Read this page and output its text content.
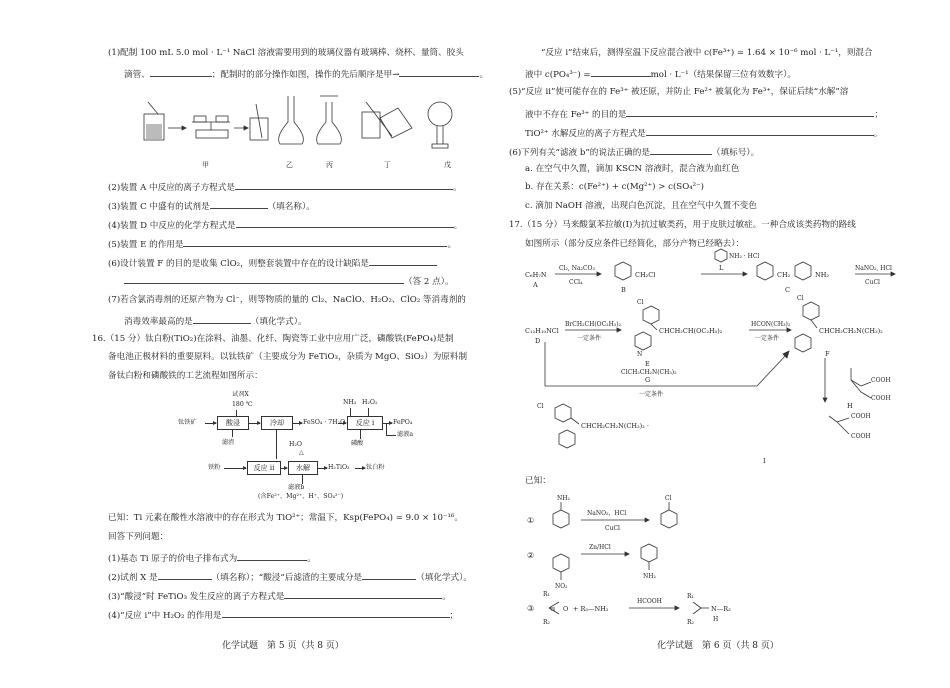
(1)配制 100 mL 5.0 mol · L⁻¹ NaCl 溶液需要用到的玻璃仪器有玻璃棒、烧杯、量筒、胶头
滴管、	；配制时的部分操作如图，操作的先后顺序是甲→	。
甲	乙	丙	丁	戊
(2)装置 A 中反应的离子方程式是	。
(3)装置 C 中盛有的试剂是	（填名称）。
(4)装置 D 中反应的化学方程式是	。
(5)装置 E 的作用是	。
(6)设计装置 F 的目的是收集 ClO₂，则整套装置中存在的设计缺陷是
（答 2 点）。
(7)若含氯消毒剂的还原产物为 Cl⁻，则等物质的量的 Cl₂、NaClO、H₂O₂、ClO₂ 等消毒剂的
消毒效率最高的是	（填化学式）。
16.（15 分）钛白粉(TiO₂)在涂料、油墨、化纤、陶瓷等工业中应用广泛，磷酸铁(FePO₄)是制
备电池正极材料的重要原料。以钛铁矿（主要成分为 FeTiO₃，杂质为 MgO、SiO₂）为原料制
备钛白粉和磷酸铁的工艺流程如图所示：
试剂X
180 ℃
钛铁矿	酸浸	冷却	FeSO₄ · 7H₂O
NH₃ H₂O₂
反应 i	FePO₄
滤液a
磷酸
滤渣	H₂O
△
铁粉	反应 ii	水解	H₂TiO₃	钛白粉
滤液b
(含Fe²⁺、Mg²⁺、H⁺、SO₄²⁻)
已知：Ti 元素在酸性水溶液中的存在形式为 TiO²⁺；常温下，Ksp(FePO₄) = 9.0 × 10⁻¹⁶。
回答下列问题：
(1)基态 Ti 原子的价电子排布式为	。
(2)试剂 X 是	（填名称）；“酸浸”后滤渣的主要成分是	（填化学式）。
(3)“酸浸”时 FeTiO₃ 发生反应的离子方程式是	。
(4)“反应 i”中 H₂O₂ 的作用是	；
化学试题　第 5 页（共 8 页）
“反应 i”结束后，测得室温下反应混合液中 c(Fe³⁺) = 1.64 × 10⁻⁶ mol · L⁻¹，则混合
液中 c(PO₄³⁻) =	mol · L⁻¹（结果保留三位有效数字）。
(5)“反应 ii”使可能存在的 Fe³⁺ 被还原，并防止 Fe²⁺ 被氧化为 Fe³⁺，保证后续“水解”溶
液中不存在 Fe³⁺ 的目的是	；
TiO²⁺ 水解反应的离子方程式是	。
(6)下列有关“滤液 b”的说法正确的是	（填标号）。
a. 在空气中久置，滴加 KSCN 溶液时，混合液为血红色
b. 存在关系：c(Fe²⁺) + c(Mg²⁺) > c(SO₄²⁻)
c. 滴加 NaOH 溶液，出现白色沉淀，且在空气中久置不变色
17.（15 分）马来酸氯苯拉敏(I)为抗过敏类药，用于皮肤过敏症。一种合成该类药物的路线
如图所示（部分反应条件已经简化，部分产物已经略去）：
C₆H₇N
A
Cl₂, Na₂CO₃
CCl₄
B
CH₂Cl
NH₂ · HCl
L
CH₂	NH₂
C
NaNO₂, HCl
CuCl
C₁₂H₁₀NCl
D
BrCH₂CH(OC₂H₅)₂
一定条件
Cl
CHCH₂CH(OC₂H₅)₂
N
E
HCON(CH₃)₂
一定条件
Cl
CHCH₂CH₂N(CH₃)₂
F
ClCH₂CH₂N(CH₃)₂
G
一定条件
COOH
COOH
H
Cl
CHCH₂CH₂N(CH₃)₂ ·
COOH
COOH
I
已知：
①
NH₂
NaNO₂，HCl
CuCl
Cl
②
Zn/HCl
NO₂
NH₂
③
R₁
R₂
O + R₃—NH₂
HCOOH
R₁
R₂
N—R₃
H
化学试题　第 6 页（共 8 页）
